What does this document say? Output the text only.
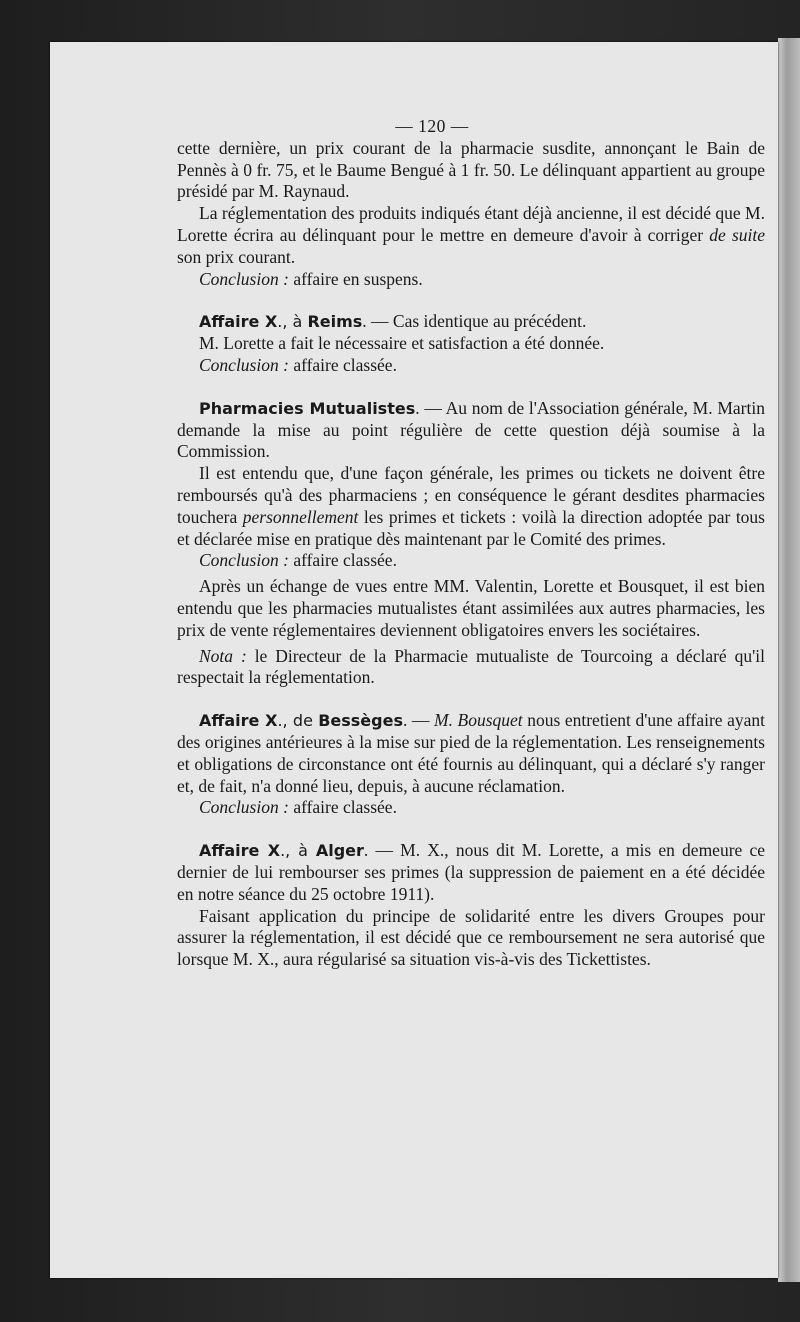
— 120 —

cette dernière, un prix courant de la pharmacie susdite, annonçant le Bain de Pennès à 0 fr. 75, et le Baume Bengué à 1 fr. 50. Le délinquant appartient au groupe présidé par M. Raynaud.

La réglementation des produits indiqués étant déjà ancienne, il est décidé que M. Lorette écrira au délinquant pour le mettre en demeure d'avoir à corriger de suite son prix courant.

Conclusion : affaire en suspens.

Affaire X., à Reims. — Cas identique au précédent.

M. Lorette a fait le nécessaire et satisfaction a été donnée.

Conclusion : affaire classée.

Pharmacies Mutualistes. — Au nom de l'Association générale, M. Martin demande la mise au point régulière de cette question déjà soumise à la Commission.

Il est entendu que, d'une façon générale, les primes ou tickets ne doivent être remboursés qu'à des pharmaciens ; en conséquence le gérant desdites pharmacies touchera personnellement les primes et tickets : voilà la direction adoptée par tous et déclarée mise en pratique dès maintenant par le Comité des primes.

Conclusion : affaire classée.

Après un échange de vues entre MM. Valentin, Lorette et Bousquet, il est bien entendu que les pharmacies mutualistes étant assimilées aux autres pharmacies, les prix de vente réglementaires deviennent obligatoires envers les sociétaires.

Nota : le Directeur de la Pharmacie mutualiste de Tourcoing a déclaré qu'il respectait la réglementation.

Affaire X., de Bessèges. — M. Bousquet nous entretient d'une affaire ayant des origines antérieures à la mise sur pied de la réglementation. Les renseignements et obligations de circonstance ont été fournis au délinquant, qui a déclaré s'y ranger et, de fait, n'a donné lieu, depuis, à aucune réclamation.

Conclusion : affaire classée.

Affaire X., à Alger. — M. X., nous dit M. Lorette, a mis en demeure ce dernier de lui rembourser ses primes (la suppression de paiement en a été décidée en notre séance du 25 octobre 1911).

Faisant application du principe de solidarité entre les divers Groupes pour assurer la réglementation, il est décidé que ce remboursement ne sera autorisé que lorsque M. X., aura régularisé sa situation vis-à-vis des Tickettistes.
